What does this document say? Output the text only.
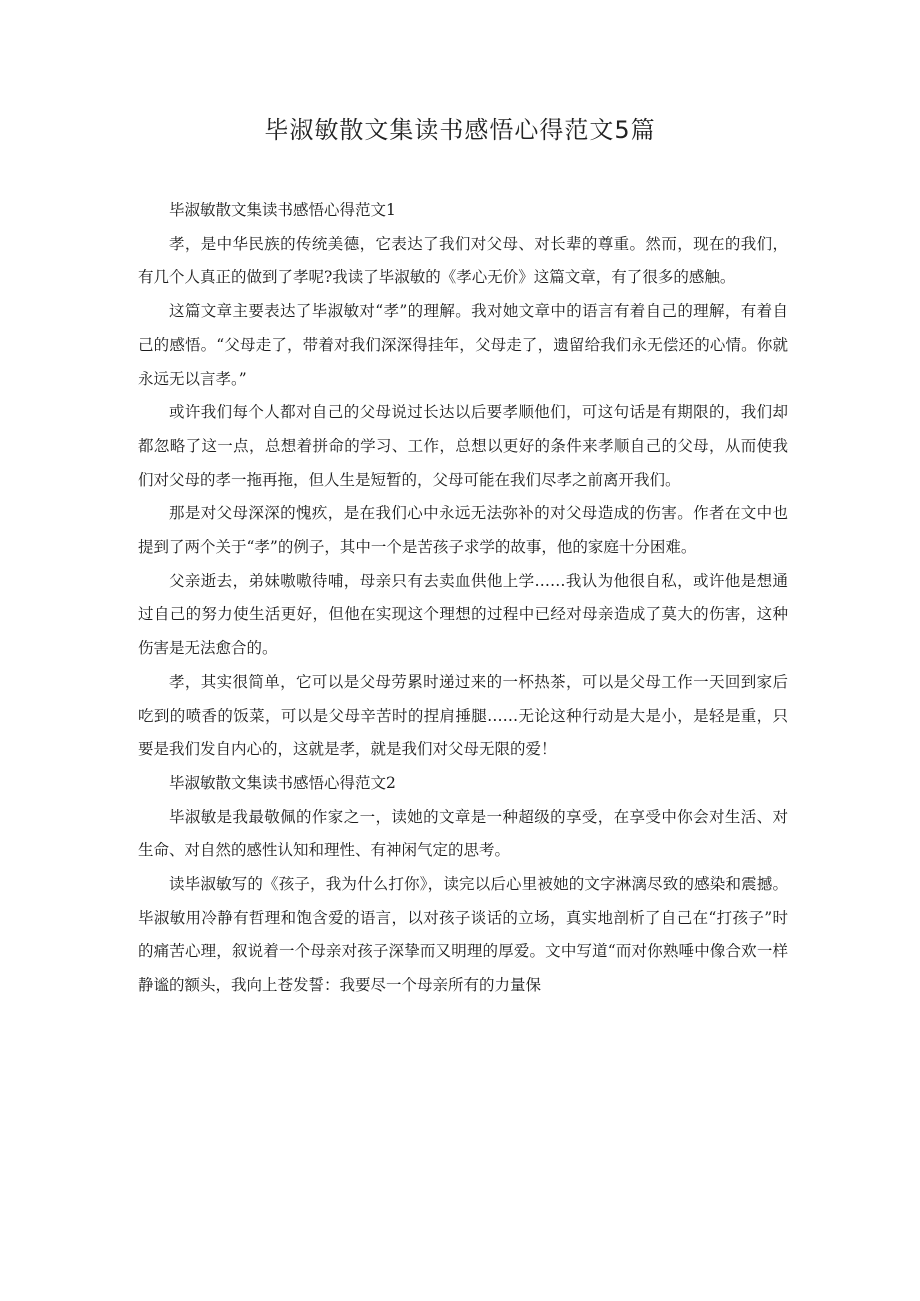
毕淑敏散文集读书感悟心得范文5篇

毕淑敏散文集读书感悟心得范文1

孝，是中华民族的传统美德，它表达了我们对父母、对长辈的尊重。然而，现在的我们，有几个人真正的做到了孝呢?我读了毕淑敏的《孝心无价》这篇文章，有了很多的感触。

这篇文章主要表达了毕淑敏对“孝”的理解。我对她文章中的语言有着自己的理解，有着自己的感悟。“父母走了，带着对我们深深得挂年，父母走了，遗留给我们永无偿还的心情。你就永远无以言孝。”

或许我们每个人都对自己的父母说过长达以后要孝顺他们，可这句话是有期限的，我们却都忽略了这一点，总想着拼命的学习、工作，总想以更好的条件来孝顺自己的父母，从而使我们对父母的孝一拖再拖，但人生是短暂的，父母可能在我们尽孝之前离开我们。

那是对父母深深的愧疚，是在我们心中永远无法弥补的对父母造成的伤害。作者在文中也提到了两个关于“孝”的例子，其中一个是苦孩子求学的故事，他的家庭十分困难。

父亲逝去，弟妹嗷嗷待哺，母亲只有去卖血供他上学……我认为他很自私，或许他是想通过自己的努力使生活更好，但他在实现这个理想的过程中已经对母亲造成了莫大的伤害，这种伤害是无法愈合的。

孝，其实很简单，它可以是父母劳累时递过来的一杯热茶，可以是父母工作一天回到家后吃到的喷香的饭菜，可以是父母辛苦时的捏肩捶腿……无论这种行动是大是小，是轻是重，只要是我们发自内心的，这就是孝，就是我们对父母无限的爱！

毕淑敏散文集读书感悟心得范文2

毕淑敏是我最敬佩的作家之一，读她的文章是一种超级的享受，在享受中你会对生活、对生命、对自然的感性认知和理性、有神闲气定的思考。

读毕淑敏写的《孩子，我为什么打你》，读完以后心里被她的文字淋漓尽致的感染和震撼。毕淑敏用冷静有哲理和饱含爱的语言，以对孩子谈话的立场，真实地剖析了自己在“打孩子”时的痛苦心理，叙说着一个母亲对孩子深挚而又明理的厚爱。文中写道“而对你熟唾中像合欢一样静谧的额头，我向上苍发誓：我要尽一个母亲所有的力量保
